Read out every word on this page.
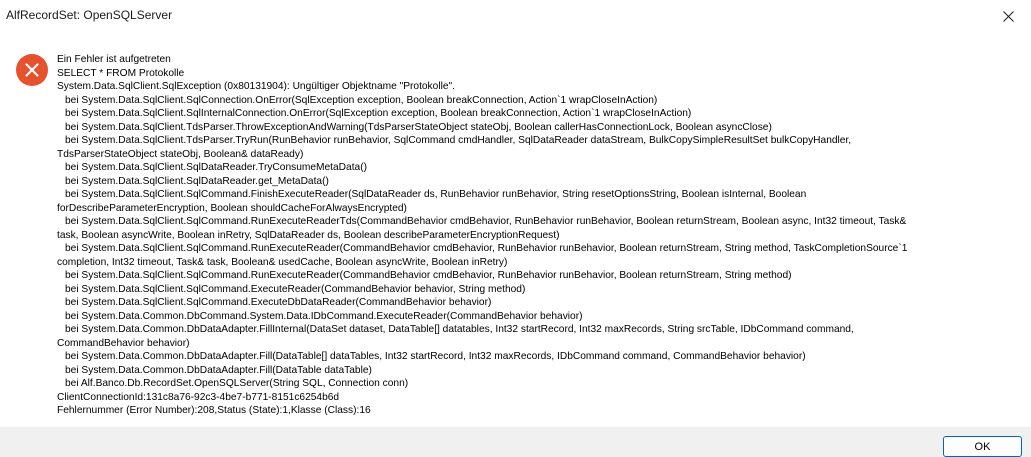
AlfRecordSet: OpenSQLServer
Ein Fehler ist aufgetreten
SELECT * FROM Protokolle
System.Data.SqlClient.SqlException (0x80131904): Ungültiger Objektname "Protokolle".
bei System.Data.SqlClient.SqlConnection.OnError(SqlException exception, Boolean breakConnection, Action`1 wrapCloseInAction)
bei System.Data.SqlClient.SqlInternalConnection.OnError(SqlException exception, Boolean breakConnection, Action`1 wrapCloseInAction)
bei System.Data.SqlClient.TdsParser.ThrowExceptionAndWarning(TdsParserStateObject stateObj, Boolean callerHasConnectionLock, Boolean asyncClose)
bei System.Data.SqlClient.TdsParser.TryRun(RunBehavior runBehavior, SqlCommand cmdHandler, SqlDataReader dataStream, BulkCopySimpleResultSet bulkCopyHandler,
TdsParserStateObject stateObj, Boolean& dataReady)
bei System.Data.SqlClient.SqlDataReader.TryConsumeMetaData()
bei System.Data.SqlClient.SqlDataReader.get_MetaData()
bei System.Data.SqlClient.SqlCommand.FinishExecuteReader(SqlDataReader ds, RunBehavior runBehavior, String resetOptionsString, Boolean isInternal, Boolean
forDescribeParameterEncryption, Boolean shouldCacheForAlwaysEncrypted)
bei System.Data.SqlClient.SqlCommand.RunExecuteReaderTds(CommandBehavior cmdBehavior, RunBehavior runBehavior, Boolean returnStream, Boolean async, Int32 timeout, Task&
task, Boolean asyncWrite, Boolean inRetry, SqlDataReader ds, Boolean describeParameterEncryptionRequest)
bei System.Data.SqlClient.SqlCommand.RunExecuteReader(CommandBehavior cmdBehavior, RunBehavior runBehavior, Boolean returnStream, String method, TaskCompletionSource`1
completion, Int32 timeout, Task& task, Boolean& usedCache, Boolean asyncWrite, Boolean inRetry)
bei System.Data.SqlClient.SqlCommand.RunExecuteReader(CommandBehavior cmdBehavior, RunBehavior runBehavior, Boolean returnStream, String method)
bei System.Data.SqlClient.SqlCommand.ExecuteReader(CommandBehavior behavior, String method)
bei System.Data.SqlClient.SqlCommand.ExecuteDbDataReader(CommandBehavior behavior)
bei System.Data.Common.DbCommand.System.Data.IDbCommand.ExecuteReader(CommandBehavior behavior)
bei System.Data.Common.DbDataAdapter.FillInternal(DataSet dataset, DataTable[] datatables, Int32 startRecord, Int32 maxRecords, String srcTable, IDbCommand command,
CommandBehavior behavior)
bei System.Data.Common.DbDataAdapter.Fill(DataTable[] dataTables, Int32 startRecord, Int32 maxRecords, IDbCommand command, CommandBehavior behavior)
bei System.Data.Common.DbDataAdapter.Fill(DataTable dataTable)
bei Alf.Banco.Db.RecordSet.OpenSQLServer(String SQL, Connection conn)
ClientConnectionId:131c8a76-92c3-4be7-b771-8151c6254b6d
Fehlernummer (Error Number):208,Status (State):1,Klasse (Class):16
OK
